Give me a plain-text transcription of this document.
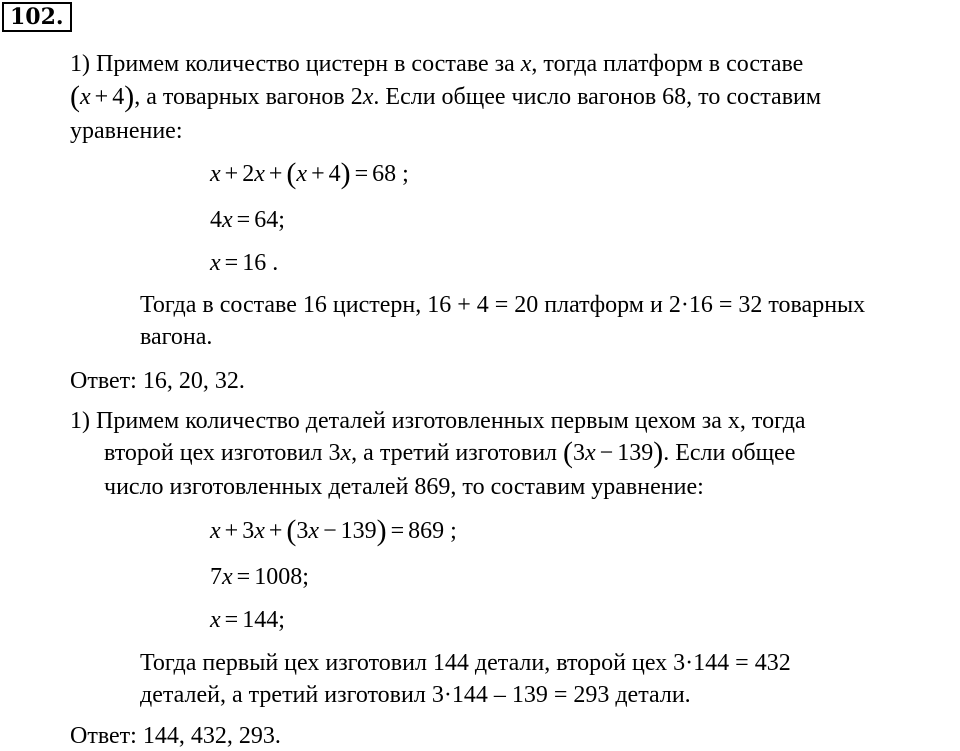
102.
1) Примем количество цистерн в составе за x, тогда платформ в составе
(x + 4), а товарных вагонов 2x. Если общее число вагонов 68, то составим
уравнение:
x + 2x + (x + 4) = 68 ;
4x = 64;
x = 16 .
Тогда в составе 16 цистерн, 16 + 4 = 20 платформ и 2·16 = 32 товарных
вагона.
Ответ: 16, 20, 32.
1) Примем количество деталей изготовленных первым цехом за х, тогда
второй цех изготовил 3x, а третий изготовил (3x − 139). Если общее
число изготовленных деталей 869, то составим уравнение:
x + 3x + (3x − 139) = 869 ;
7x = 1008;
x = 144;
Тогда первый цех изготовил 144 детали, второй цех 3·144 = 432
деталей, а третий изготовил 3·144 – 139 = 293 детали.
Ответ: 144, 432, 293.
